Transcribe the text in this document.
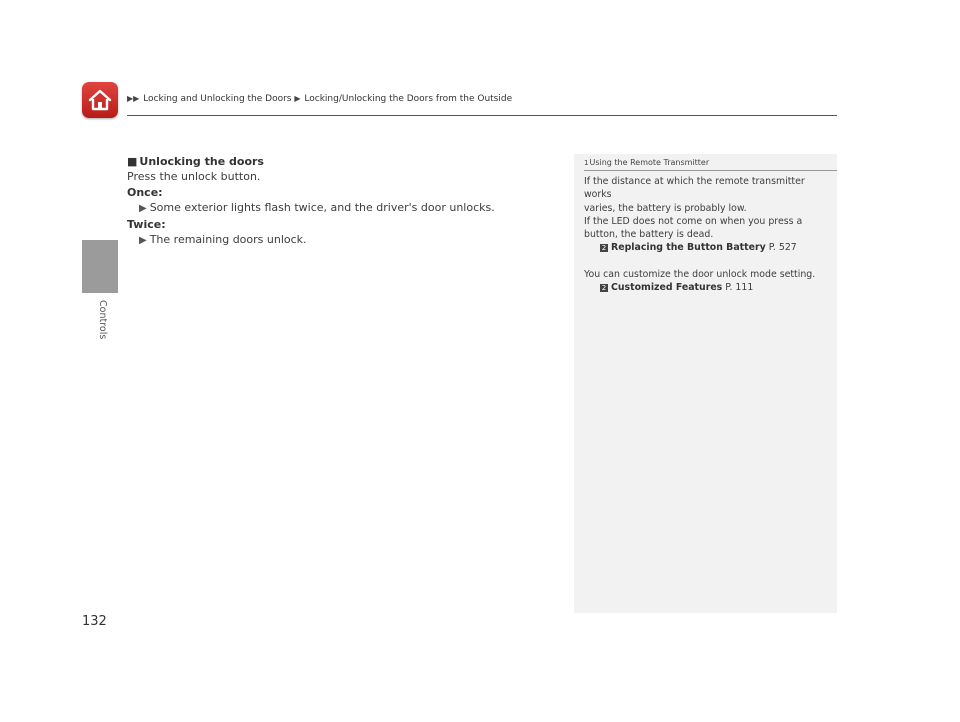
▶▶ Locking and Unlocking the Doors ▶ Locking/Unlocking the Doors from the Outside
Controls
■ Unlocking the doors
Press the unlock button.
Once:
▶ Some exterior lights flash twice, and the driver's door unlocks.
Twice:
▶ The remaining doors unlock.
1Using the Remote Transmitter
If the distance at which the remote transmitter works
varies, the battery is probably low.
If the LED does not come on when you press a
button, the battery is dead.
2 Replacing the Button Battery P. 527
You can customize the door unlock mode setting.
2 Customized Features P. 111
132
